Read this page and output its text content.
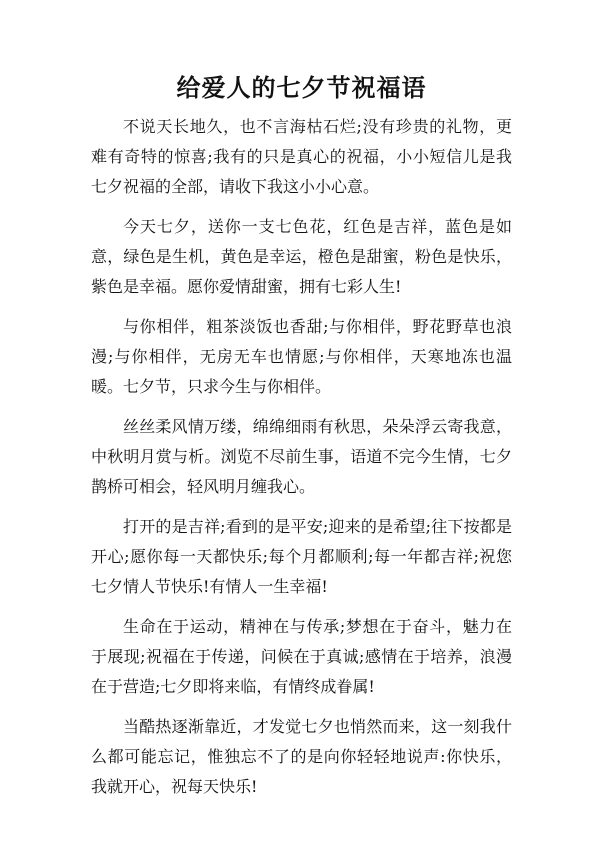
给爱人的七夕节祝福语

不说天长地久，也不言海枯石烂;没有珍贵的礼物，更难有奇特的惊喜;我有的只是真心的祝福，小小短信儿是我七夕祝福的全部，请收下我这小小心意。

今天七夕，送你一支七色花，红色是吉祥，蓝色是如意，绿色是生机，黄色是幸运，橙色是甜蜜，粉色是快乐，紫色是幸福。愿你爱情甜蜜，拥有七彩人生!

与你相伴，粗茶淡饭也香甜;与你相伴，野花野草也浪漫;与你相伴，无房无车也情愿;与你相伴，天寒地冻也温暖。七夕节，只求今生与你相伴。

丝丝柔风情万缕，绵绵细雨有秋思，朵朵浮云寄我意，中秋明月赏与析。浏览不尽前生事，语道不完今生情，七夕鹊桥可相会，轻风明月缠我心。

打开的是吉祥;看到的是平安;迎来的是希望;往下按都是开心;愿你每一天都快乐;每个月都顺利;每一年都吉祥;祝您七夕情人节快乐!有情人一生幸福!

生命在于运动，精神在与传承;梦想在于奋斗，魅力在于展现;祝福在于传递，问候在于真诚;感情在于培养，浪漫在于营造;七夕即将来临，有情终成眷属!

当酷热逐渐靠近，才发觉七夕也悄然而来，这一刻我什么都可能忘记，惟独忘不了的是向你轻轻地说声:你快乐，我就开心，祝每天快乐!
